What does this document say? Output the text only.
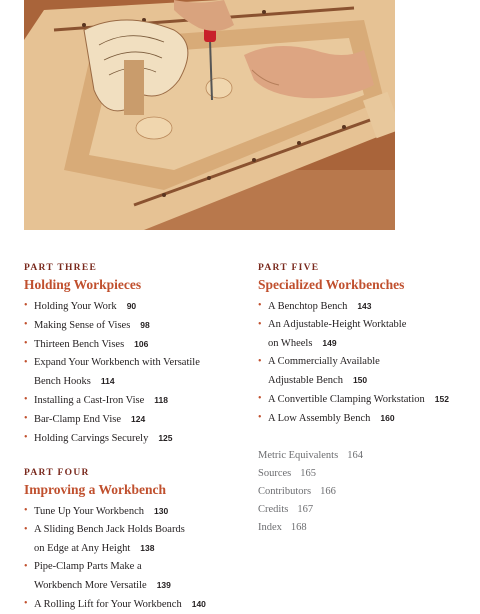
PART THREE

Holding Workpieces

• Holding Your Work 90
• Making Sense of Vises 98
• Thirteen Bench Vises 106
• Expand Your Workbench with Versatile
Bench Hooks 114
• Installing a Cast-Iron Vise 118
• Bar-Clamp End Vise 124
• Holding Carvings Securely 125

PART FOUR

Improving a Workbench

• Tune Up Your Workbench 130
• A Sliding Bench Jack Holds Boards
on Edge at Any Height 138
• Pipe-Clamp Parts Make a
Workbench More Versatile 139
• A Rolling Lift for Your Workbench 140

PART FIVE

Specialized Workbenches

• A Benchtop Bench 143
• An Adjustable-Height Worktable
on Wheels 149
• A Commercially Available
Adjustable Bench 150
• A Convertible Clamping Workstation 152
• A Low Assembly Bench 160
Metric Equivalents 164
Sources 165
Contributors 166
Credits 167
Index 168
